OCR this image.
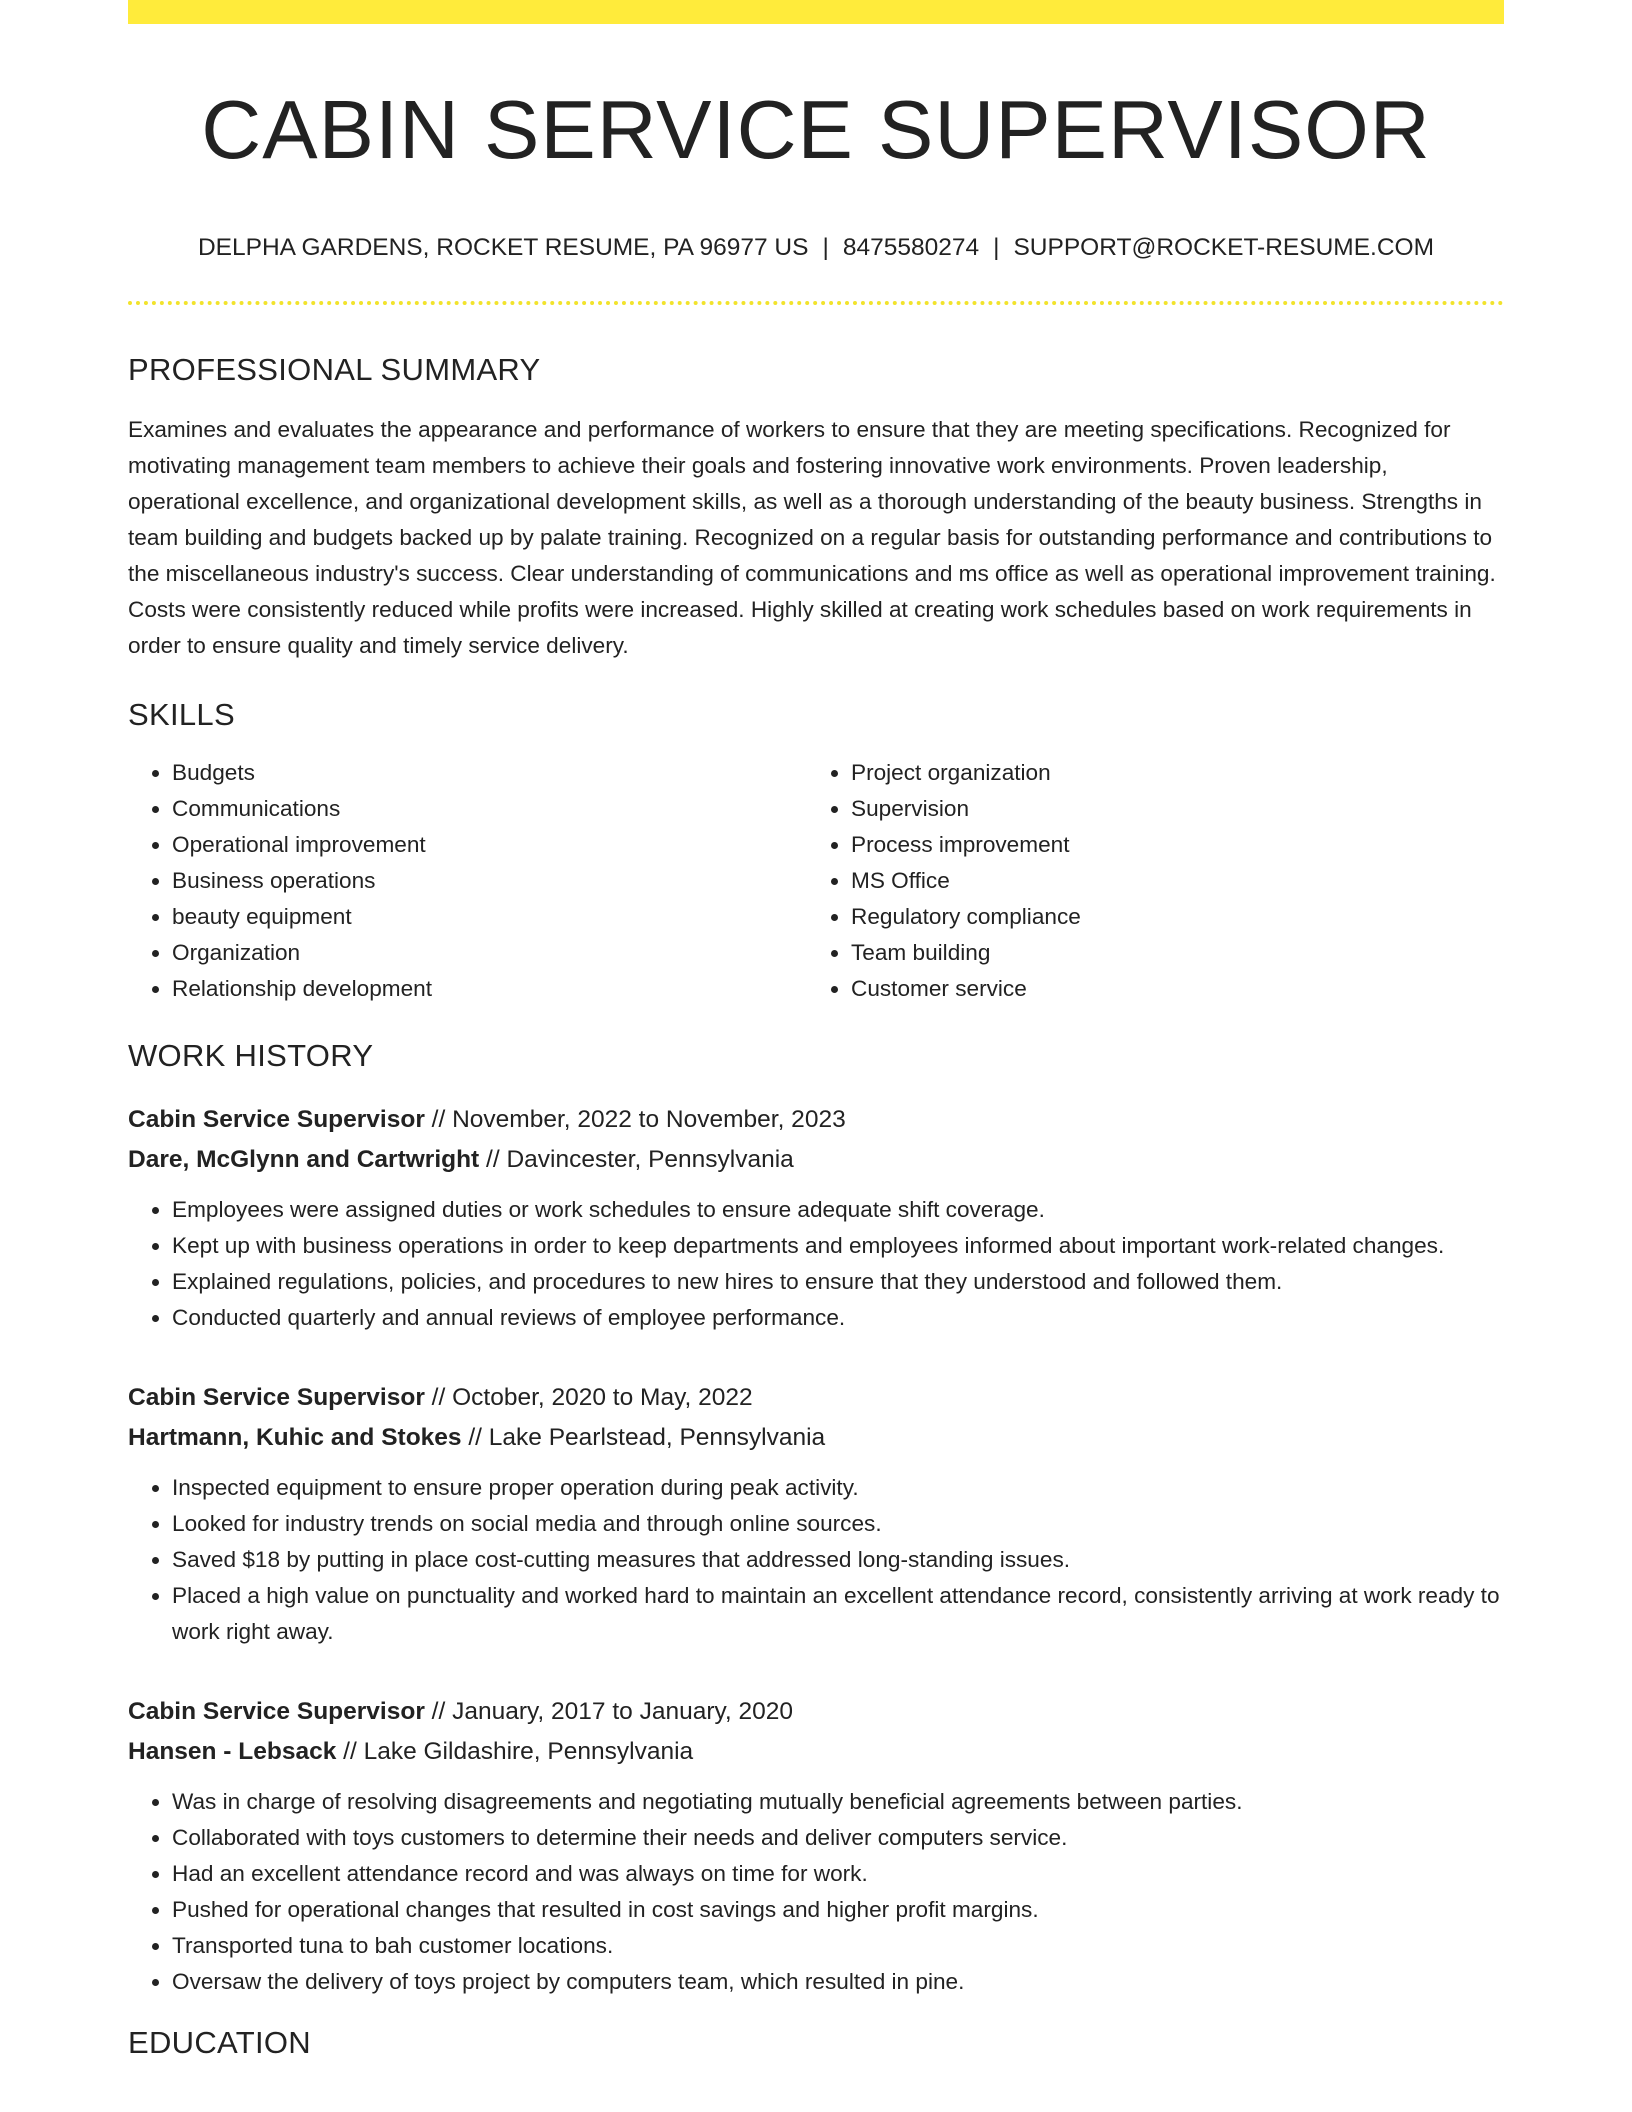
CABIN SERVICE SUPERVISOR
DELPHA GARDENS, ROCKET RESUME, PA 96977 US | 8475580274 | SUPPORT@ROCKET-RESUME.COM
PROFESSIONAL SUMMARY

Examines and evaluates the appearance and performance of workers to ensure that they are meeting specifications. Recognized for motivating management team members to achieve their goals and fostering innovative work environments. Proven leadership, operational excellence, and organizational development skills, as well as a thorough understanding of the beauty business. Strengths in team building and budgets backed up by palate training. Recognized on a regular basis for outstanding performance and contributions to the miscellaneous industry's success. Clear understanding of communications and ms office as well as operational improvement training. Costs were consistently reduced while profits were increased. Highly skilled at creating work schedules based on work requirements in order to ensure quality and timely service delivery.

SKILLS
• Budgets
• Communications
• Operational improvement
• Business operations
• beauty equipment
• Organization
• Relationship development
• Project organization
• Supervision
• Process improvement
• MS Office
• Regulatory compliance
• Team building
• Customer service
WORK HISTORY
Cabin Service Supervisor // November, 2022 to November, 2023
Dare, McGlynn and Cartwright // Davincester, Pennsylvania
• Employees were assigned duties or work schedules to ensure adequate shift coverage.
• Kept up with business operations in order to keep departments and employees informed about important work-related changes.
• Explained regulations, policies, and procedures to new hires to ensure that they understood and followed them.
• Conducted quarterly and annual reviews of employee performance.
Cabin Service Supervisor // October, 2020 to May, 2022
Hartmann, Kuhic and Stokes // Lake Pearlstead, Pennsylvania
• Inspected equipment to ensure proper operation during peak activity.
• Looked for industry trends on social media and through online sources.
• Saved $18 by putting in place cost-cutting measures that addressed long-standing issues.
• Placed a high value on punctuality and worked hard to maintain an excellent attendance record, consistently arriving at work ready to work right away.
Cabin Service Supervisor // January, 2017 to January, 2020
Hansen - Lebsack // Lake Gildashire, Pennsylvania
• Was in charge of resolving disagreements and negotiating mutually beneficial agreements between parties.
• Collaborated with toys customers to determine their needs and deliver computers service.
• Had an excellent attendance record and was always on time for work.
• Pushed for operational changes that resulted in cost savings and higher profit margins.
• Transported tuna to bah customer locations.
• Oversaw the delivery of toys project by computers team, which resulted in pine.
EDUCATION
